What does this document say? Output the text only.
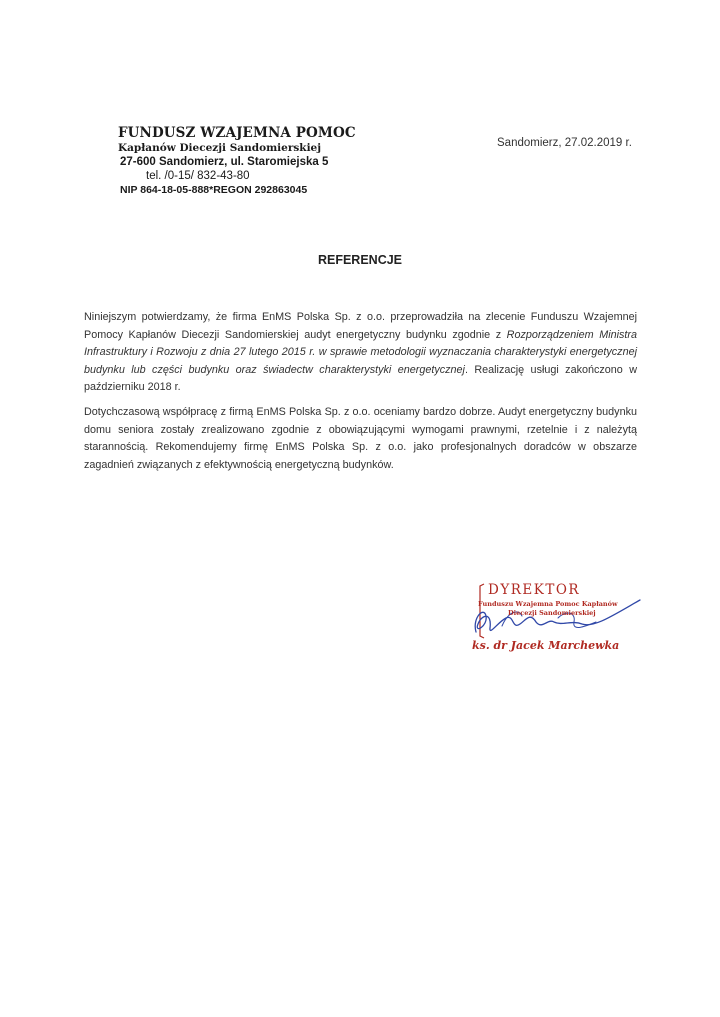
FUNDUSZ WZAJEMNA POMOC
Kapłanów Diecezji Sandomierskiej
27-600 Sandomierz, ul. Staromiejska 5
tel. /0-15/ 832-43-80
NIP 864-18-05-888*REGON 292863045
Sandomierz, 27.02.2019 r.
REFERENCJE
Niniejszym potwierdzamy, że firma EnMS Polska Sp. z o.o. przeprowadziła na zlecenie Funduszu Wzajemnej Pomocy Kapłanów Diecezji Sandomierskiej audyt energetyczny budynku zgodnie z Rozporządzeniem Ministra Infrastruktury i Rozwoju z dnia 27 lutego 2015 r. w sprawie metodologii wyznaczania charakterystyki energetycznej budynku lub części budynku oraz świadectw charakterystyki energetycznej. Realizację usługi zakończono w październiku 2018 r.
Dotychczasową współpracę z firmą EnMS Polska Sp. z o.o. oceniamy bardzo dobrze. Audyt energetyczny budynku domu seniora zostały zrealizowano zgodnie z obowiązującymi wymogami prawnymi, rzetelnie i z należytą starannością. Rekomendujemy firmę EnMS Polska Sp. z o.o. jako profesjonalnych doradców w obszarze zagadnień związanych z efektywnością energetyczną budynków.
DYREKTOR
Funduszu Wzajemna Pomoc Kapłanów
Diecezji Sandomierskiej
ks. dr Jacek Marchewka
